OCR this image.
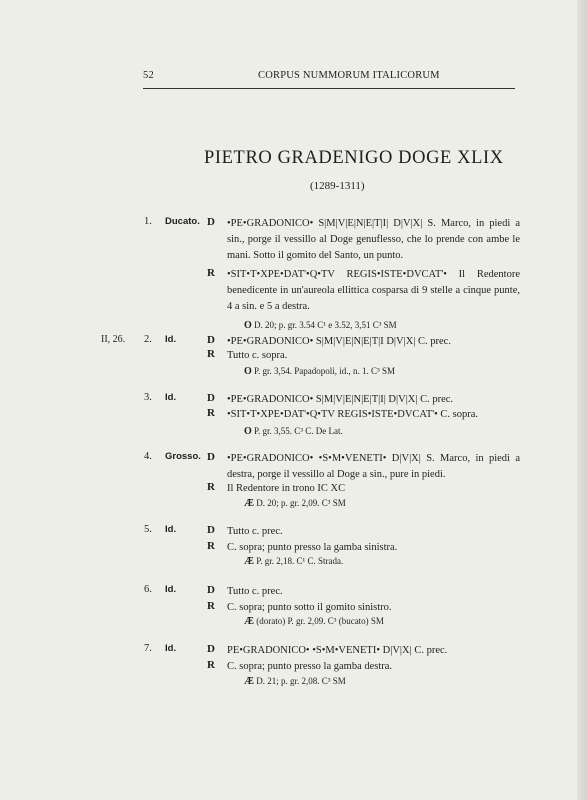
52	CORPUS NUMMORUM ITALICORUM
PIETRO GRADENIGO DOGE XLIX
(1289-1311)
1. Ducato. D •PE•GRADONICO• S|M|V|E|N|E|T|I| D|V|X| S. Marco, in piedi a sin., porge il vessillo al Doge genuflesso, che lo prende con ambe le mani. Sotto il gomito del Santo, un punto.
R •SIT•T•XPE•DAT'•Q•TV REGIS•ISTE•DVCAT'• Il Redentore benedicente in un'aureola ellittica cosparsa di 9 stelle a cinque punte, 4 a sin. e 5 a destra.
O D. 20; p. gr. 3.54 C¹ e 3.52, 3,51 C³ SM
II, 26. 2. Id.	D •PE•GRADONICO• S|M|V|E|N|E|T|I D|V|X| C. prec.
R Tutto c. sopra.
O P. gr. 3,54. Papadopoli, id., n. 1. C³ SM
3. Id.	D •PE•GRADONICO• S|M|V|E|N|E|T|I| D|V|X| C. prec.
R •SIT•T•XPE•DAT'•Q•TV REGIS•ISTE•DVCAT'• C. sopra.
O P. gr. 3,55. C³ C. De Lat.
4. Grosso. D •PE•GRADONICO• •S•M•VENETI• D|V|X| S. Marco, in piedi a destra, porge il vessillo al Doge a sin., pure in piedi.
R Il Redentore in trono IC XC
Æ D. 20; p. gr. 2,09. C³ SM
5. Id.	D Tutto c. prec.
R C. sopra; punto presso la gamba sinistra.
Æ P. gr. 2,18. C¹ C. Strada.
6. Id.	D Tutto c. prec.
R C. sopra; punto sotto il gomito sinistro.
Æ (dorato) P. gr. 2,09. C³ (bucato) SM
7. Id.	D PE•GRADONICO• •S•M•VENETI• D|V|X| C. prec.
R C. sopra; punto presso la gamba destra.
Æ D. 21; p. gr. 2,08. C³ SM
